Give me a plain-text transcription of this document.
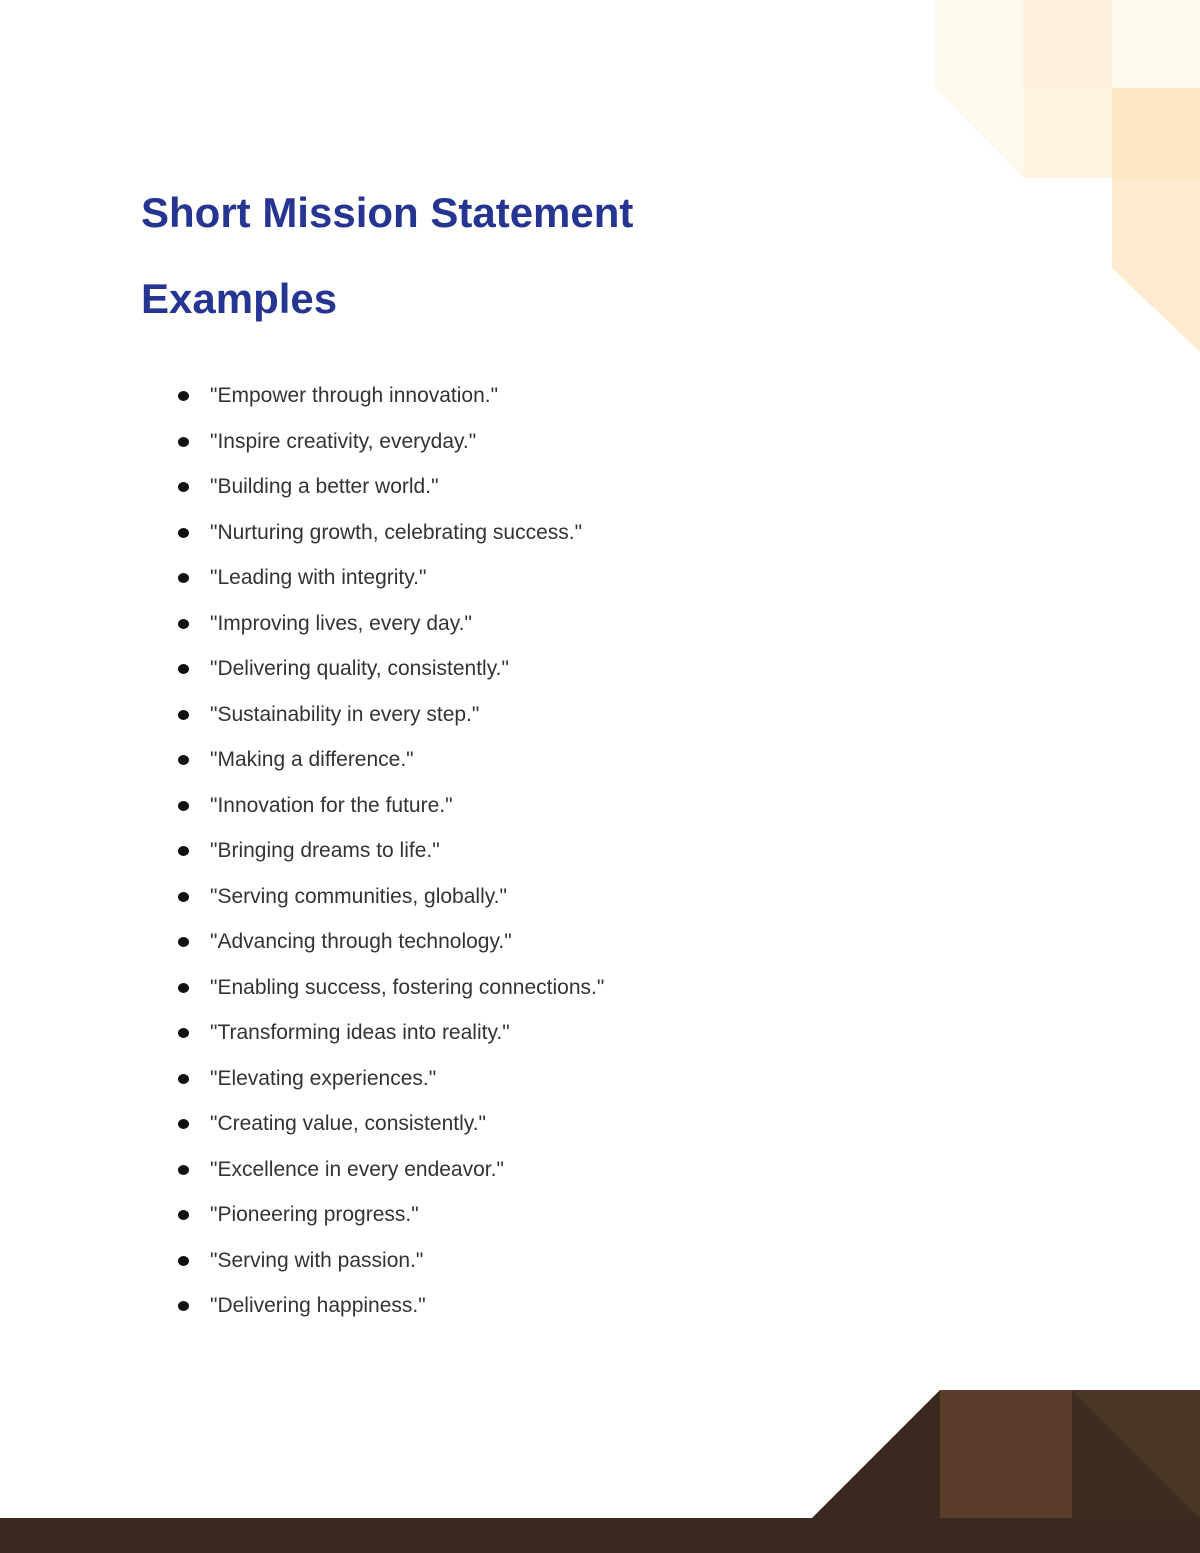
Short Mission Statement Examples
"Empower through innovation."
"Inspire creativity, everyday."
"Building a better world."
"Nurturing growth, celebrating success."
"Leading with integrity."
"Improving lives, every day."
"Delivering quality, consistently."
"Sustainability in every step."
"Making a difference."
"Innovation for the future."
"Bringing dreams to life."
"Serving communities, globally."
"Advancing through technology."
"Enabling success, fostering connections."
"Transforming ideas into reality."
"Elevating experiences."
"Creating value, consistently."
"Excellence in every endeavor."
"Pioneering progress."
"Serving with passion."
"Delivering happiness."
